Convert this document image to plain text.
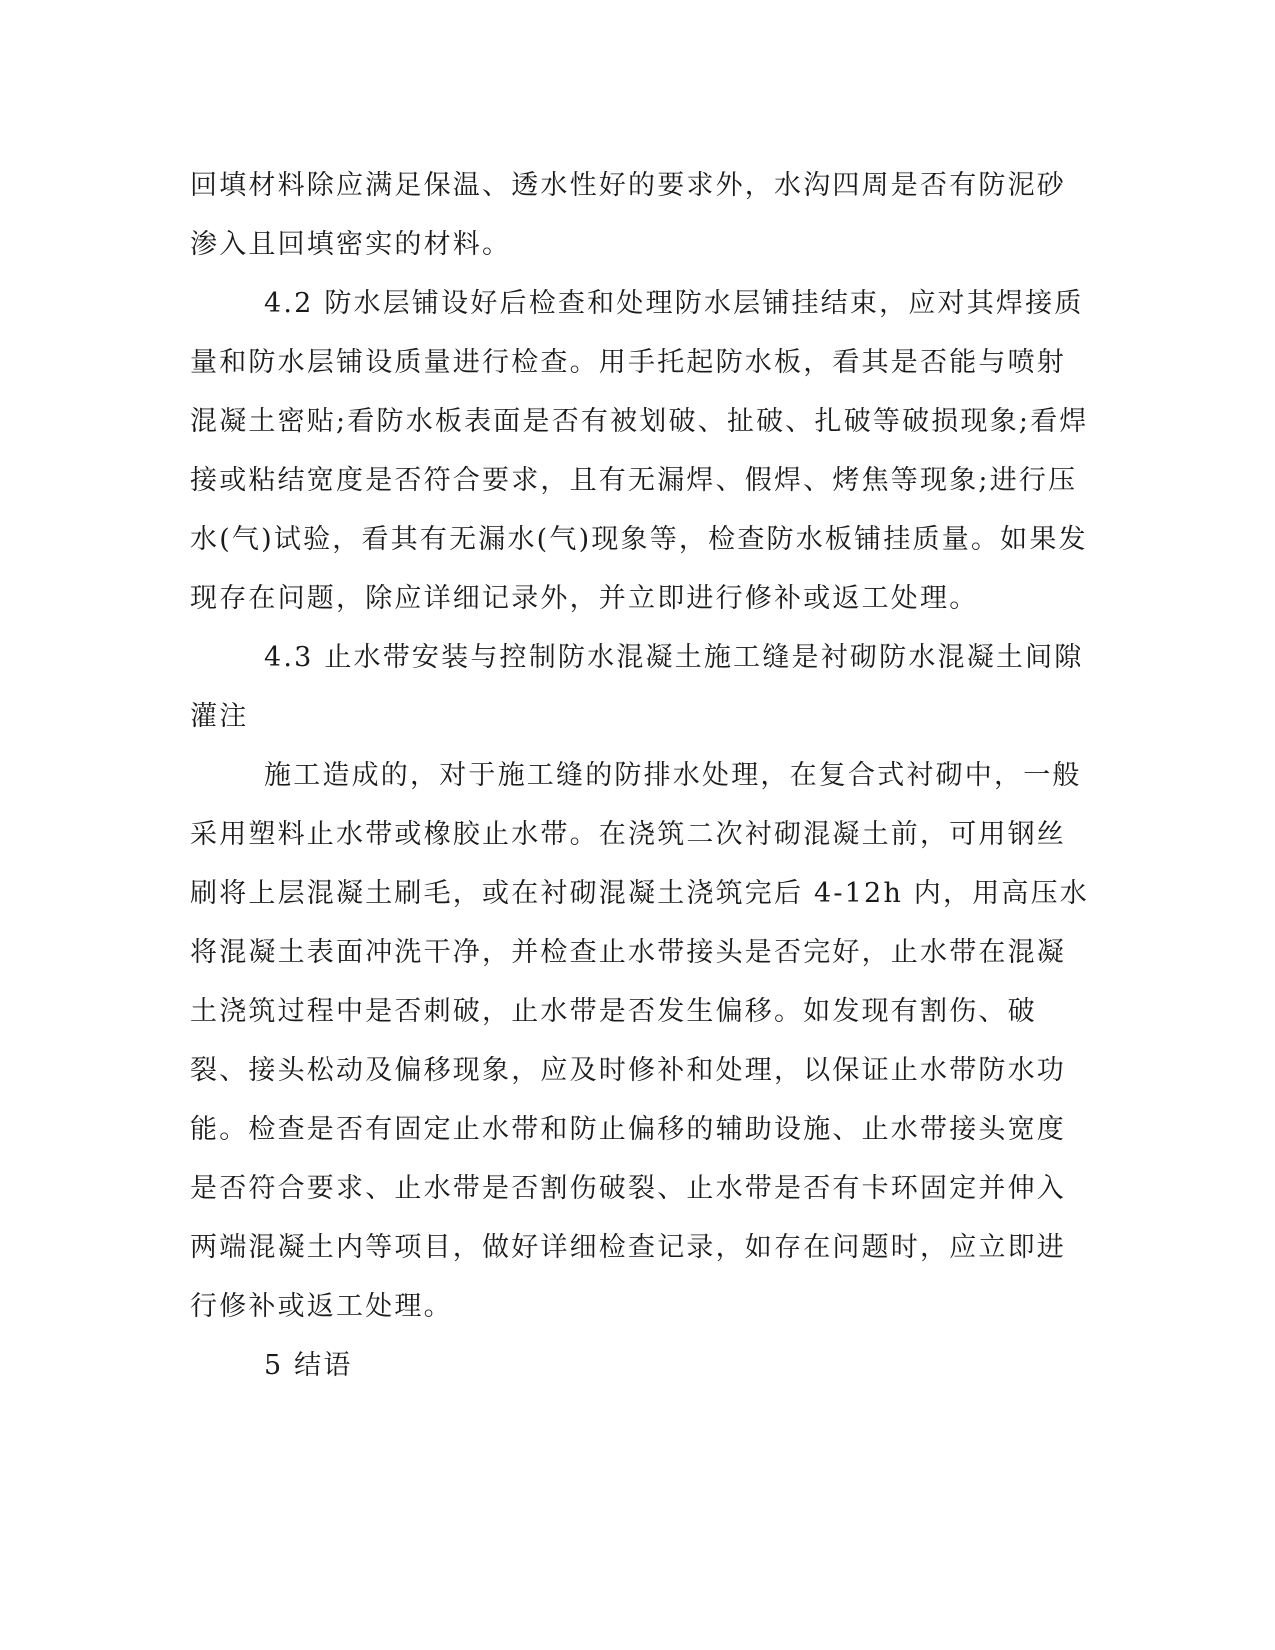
回填材料除应满足保温、透水性好的要求外，水沟四周是否有防泥砂渗入且回填密实的材料。

4.2 防水层铺设好后检查和处理防水层铺挂结束，应对其焊接质量和防水层铺设质量进行检查。用手托起防水板，看其是否能与喷射混凝土密贴;看防水板表面是否有被划破、扯破、扎破等破损现象;看焊接或粘结宽度是否符合要求，且有无漏焊、假焊、烤焦等现象;进行压水(气)试验，看其有无漏水(气)现象等，检查防水板铺挂质量。如果发现存在问题，除应详细记录外，并立即进行修补或返工处理。

4.3 止水带安装与控制防水混凝土施工缝是衬砌防水混凝土间隙灌注

施工造成的，对于施工缝的防排水处理，在复合式衬砌中，一般采用塑料止水带或橡胶止水带。在浇筑二次衬砌混凝土前，可用钢丝刷将上层混凝土刷毛，或在衬砌混凝土浇筑完后 4-12h 内，用高压水将混凝土表面冲洗干净，并检查止水带接头是否完好，止水带在混凝土浇筑过程中是否刺破，止水带是否发生偏移。如发现有割伤、破裂、接头松动及偏移现象，应及时修补和处理，以保证止水带防水功能。检查是否有固定止水带和防止偏移的辅助设施、止水带接头宽度是否符合要求、止水带是否割伤破裂、止水带是否有卡环固定并伸入两端混凝土内等项目，做好详细检查记录，如存在问题时，应立即进行修补或返工处理。

5 结语
